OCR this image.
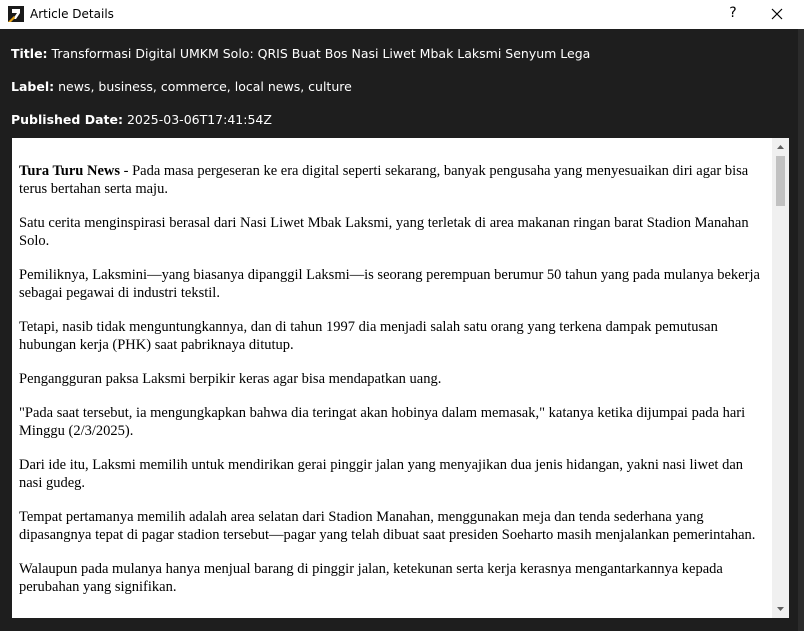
Article Details	?
Title: Transformasi Digital UMKM Solo: QRIS Buat Bos Nasi Liwet Mbak Laksmi Senyum Lega
Label: news, business, commerce, local news, culture
Published Date: 2025-03-06T17:41:54Z

Tura Turu News - Pada masa pergeseran ke era digital seperti sekarang, banyak pengusaha yang menyesuaikan diri agar bisa terus bertahan serta maju.

Satu cerita menginspirasi berasal dari Nasi Liwet Mbak Laksmi, yang terletak di area makanan ringan barat Stadion Manahan Solo.

Pemiliknya, Laksmini—yang biasanya dipanggil Laksmi—is seorang perempuan berumur 50 tahun yang pada mulanya bekerja sebagai pegawai di industri tekstil.

Tetapi, nasib tidak menguntungkannya, dan di tahun 1997 dia menjadi salah satu orang yang terkena dampak pemutusan hubungan kerja (PHK) saat pabriknaya ditutup.

Pengangguran paksa Laksmi berpikir keras agar bisa mendapatkan uang.

"Pada saat tersebut, ia mengungkapkan bahwa dia teringat akan hobinya dalam memasak," katanya ketika dijumpai pada hari Minggu (2/3/2025).

Dari ide itu, Laksmi memilih untuk mendirikan gerai pinggir jalan yang menyajikan dua jenis hidangan, yakni nasi liwet dan nasi gudeg.

Tempat pertamanya memilih adalah area selatan dari Stadion Manahan, menggunakan meja dan tenda sederhana yang dipasangnya tepat di pagar stadion tersebut—pagar yang telah dibuat saat presiden Soeharto masih menjalankan pemerintahan.

Walaupun pada mulanya hanya menjual barang di pinggir jalan, ketekunan serta kerja kerasnya mengantarkannya kepada perubahan yang signifikan.
